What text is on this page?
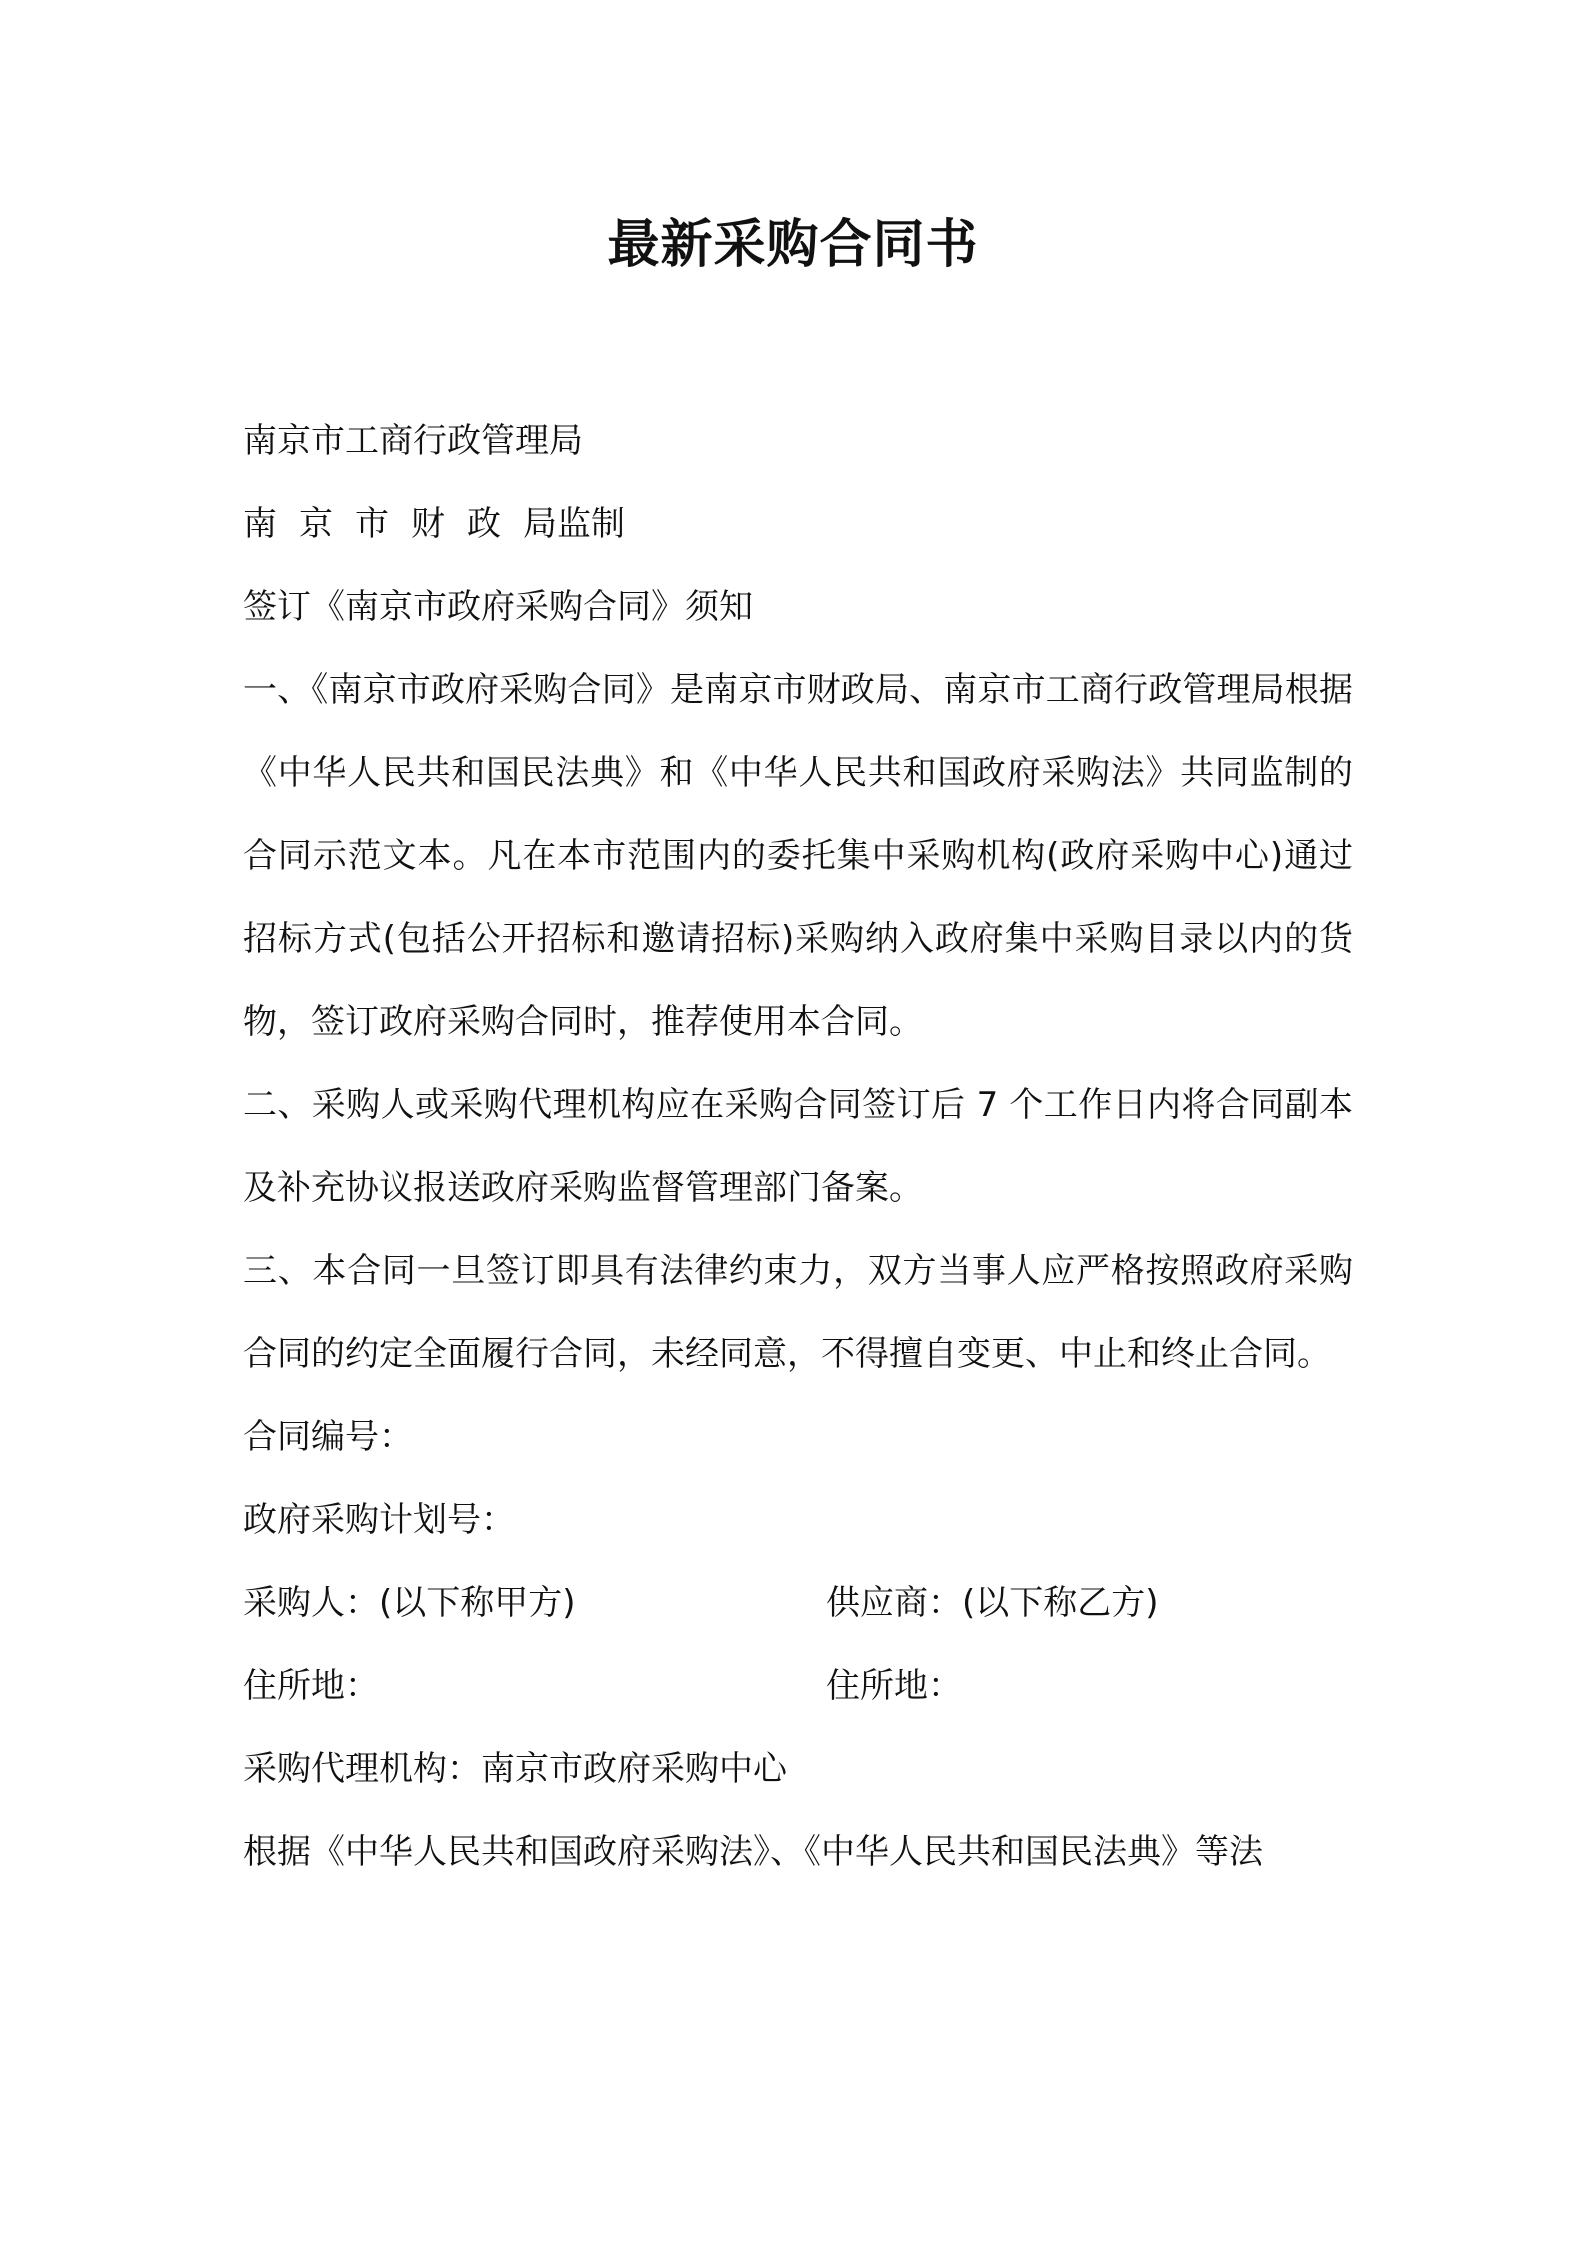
最新采购合同书
南京市工商行政管理局
南京市财政局监制
签订《南京市政府采购合同》须知
一、《南京市政府采购合同》是南京市财政局、南京市工商行政管理局根据《中华人民共和国民法典》和《中华人民共和国政府采购法》共同监制的合同示范文本。凡在本市范围内的委托集中采购机构(政府采购中心)通过招标方式(包括公开招标和邀请招标)采购纳入政府集中采购目录以内的货物，签订政府采购合同时，推荐使用本合同。
二、采购人或采购代理机构应在采购合同签订后 7 个工作日内将合同副本及补充协议报送政府采购监督管理部门备案。
三、本合同一旦签订即具有法律约束力，双方当事人应严格按照政府采购合同的约定全面履行合同，未经同意，不得擅自变更、中止和终止合同。
合同编号：
政府采购计划号：
采购人：(以下称甲方)	供应商：(以下称乙方)
住所地：	住所地：
采购代理机构：南京市政府采购中心
根据《中华人民共和国政府采购法》、《中华人民共和国民法典》等法
